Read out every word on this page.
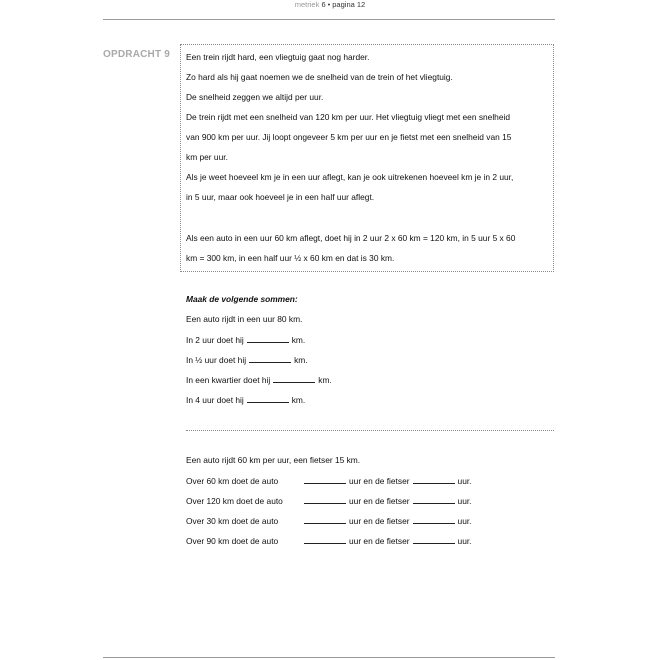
metriek 6 • pagina 12
OPDRACHT 9 Een trein rijdt hard, een vliegtuig gaat nog harder.
Zo hard als hij gaat noemen we de snelheid van de trein of het vliegtuig.
De snelheid zeggen we altijd per uur.
De trein rijdt met een snelheid van 120 km per uur. Het vliegtuig vliegt met een snelheid
van 900 km per uur. Jij loopt ongeveer 5 km per uur en je fietst met een snelheid van 15
km per uur.
Als je weet hoeveel km je in een uur aflegt, kan je ook uitrekenen hoeveel km je in 2 uur,
in 5 uur, maar ook hoeveel je in een half uur aflegt.
Als een auto in een uur 60 km aflegt, doet hij in 2 uur 2 x 60 km = 120 km, in 5 uur 5 x 60
km = 300 km, in een half uur ½ x 60 km en dat is 30 km.
Maak de volgende sommen:
Een auto rijdt in een uur 80 km.
In 2 uur doet hij	km.
In ½ uur doet hij	km.
In een kwartier doet hij	km.
In 4 uur doet hij	km.
Een auto rijdt 60 km per uur, een fietser 15 km.
Over 60 km doet de auto	uur en de fietser	uur.
Over 120 km doet de auto	uur en de fietser	uur.
Over 30 km doet de auto	uur en de fietser	uur.
Over 90 km doet de auto	uur en de fietser	uur.
